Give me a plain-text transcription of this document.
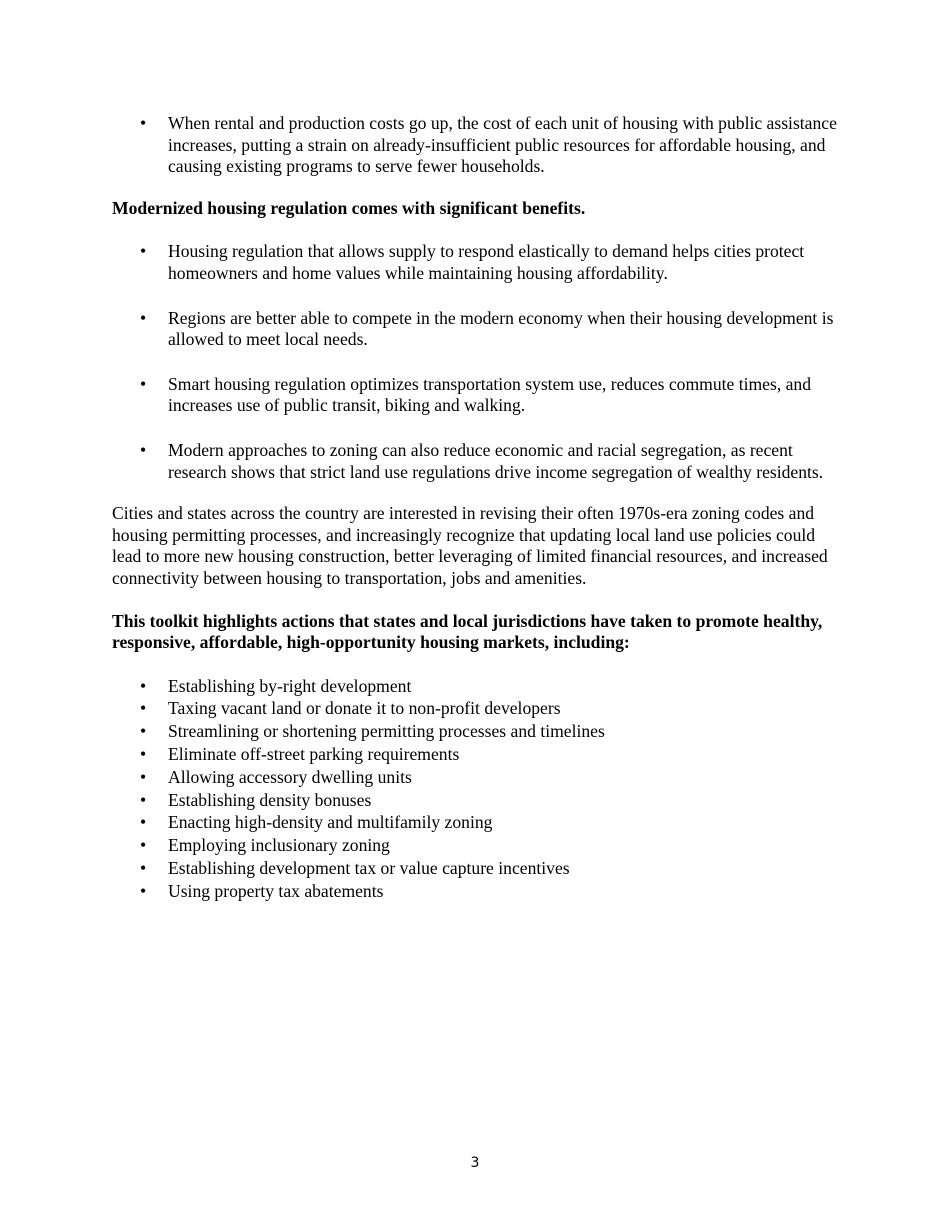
• When rental and production costs go up, the cost of each unit of housing with public assistance increases, putting a strain on already-insufficient public resources for affordable housing, and causing existing programs to serve fewer households.

Modernized housing regulation comes with significant benefits.

• Housing regulation that allows supply to respond elastically to demand helps cities protect homeowners and home values while maintaining housing affordability.
• Regions are better able to compete in the modern economy when their housing development is allowed to meet local needs.
• Smart housing regulation optimizes transportation system use, reduces commute times, and increases use of public transit, biking and walking.
• Modern approaches to zoning can also reduce economic and racial segregation, as recent research shows that strict land use regulations drive income segregation of wealthy residents.

Cities and states across the country are interested in revising their often 1970s-era zoning codes and housing permitting processes, and increasingly recognize that updating local land use policies could lead to more new housing construction, better leveraging of limited financial resources, and increased connectivity between housing to transportation, jobs and amenities.

This toolkit highlights actions that states and local jurisdictions have taken to promote healthy, responsive, affordable, high-opportunity housing markets, including:

• Establishing by-right development
• Taxing vacant land or donate it to non-profit developers
• Streamlining or shortening permitting processes and timelines
• Eliminate off-street parking requirements
• Allowing accessory dwelling units
• Establishing density bonuses
• Enacting high-density and multifamily zoning
• Employing inclusionary zoning
• Establishing development tax or value capture incentives
• Using property tax abatements
3
